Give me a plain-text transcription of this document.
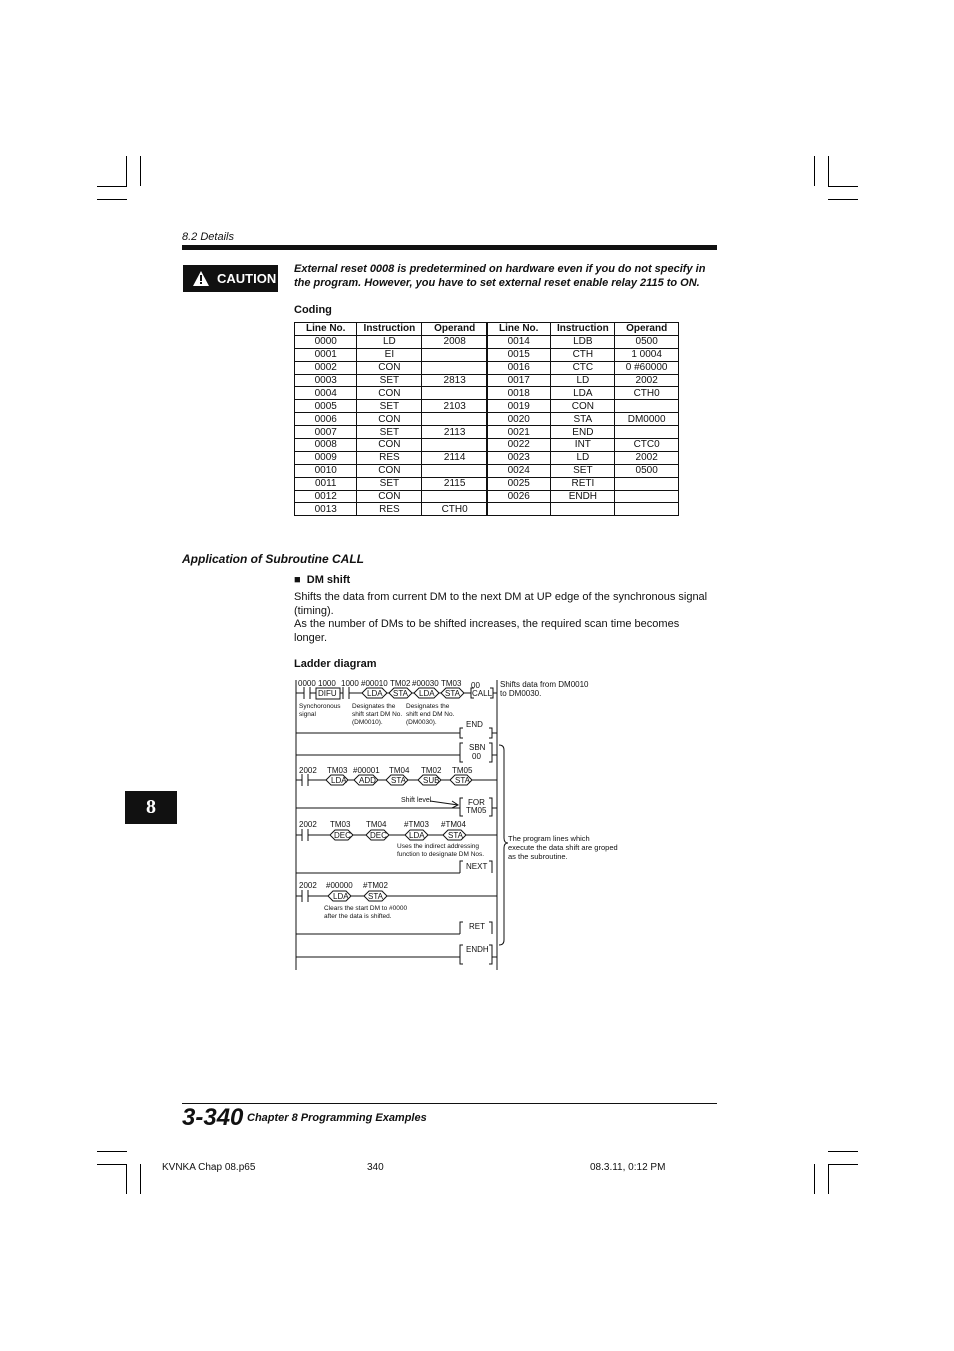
8.2 Details
CAUTION
External reset 0008 is predetermined on hardware even if you do not specify in the program. However, you have to set external reset enable relay 2115 to ON.
Coding
Line No.	Instruction	Operand
0000	LD	2008
0001	EI	
0002	CON	
0003	SET	2813
0004	CON	
0005	SET	2103
0006	CON	
0007	SET	2113
0008	CON	
0009	RES	2114
0010	CON	
0011	SET	2115
0012	CON	
0013	RES	CTH0
Line No.	Instruction	Operand
0014	LDB	0500
0015	CTH	1 0004
0016	CTC	0 #60000
0017	LD	2002
0018	LDA	CTH0
0019	CON	
0020	STA	DM0000
0021	END	
0022	INT	CTC0
0023	LD	2002
0024	SET	0500
0025	RETI	
0026	ENDH	

Application of Subroutine CALL
■  DM shift
Shifts the data from current DM to the next DM at UP edge of the synchronous signal (timing).
As the number of DMs to be shifted increases, the required scan time becomes longer.
Ladder diagram
0000 1000 1000 #00010 TM02 #00030 TM03 00
DIFU	LDA STA LDA STA CALL
END
SBN
00
2002 TM03 #00001 TM04 TM02 TM05
LDA ADD STA SUB STA
FOR
TM05
2002 TM03 TM04 #TM03 #TM04
DEC DEC	LDA	STA
NEXT
2002 #00000 #TM02
LDA STA
RET
ENDH
Shift level
Shifts data from DM0010 to DM0030.
Synchoronous signal
Designates the shift start DM No. (DM0010).
Designates the shift end DM No. (DM0030).
Uses the indirect addressing function to designate DM Nos.
Clears the start DM to #0000 after the data is shifted.
The program lines which execute the data shift are groped as the subroutine.
8
3-340 Chapter 8 Programming Examples
KVNKA Chap 08.p65	340	08.3.11, 0:12 PM
